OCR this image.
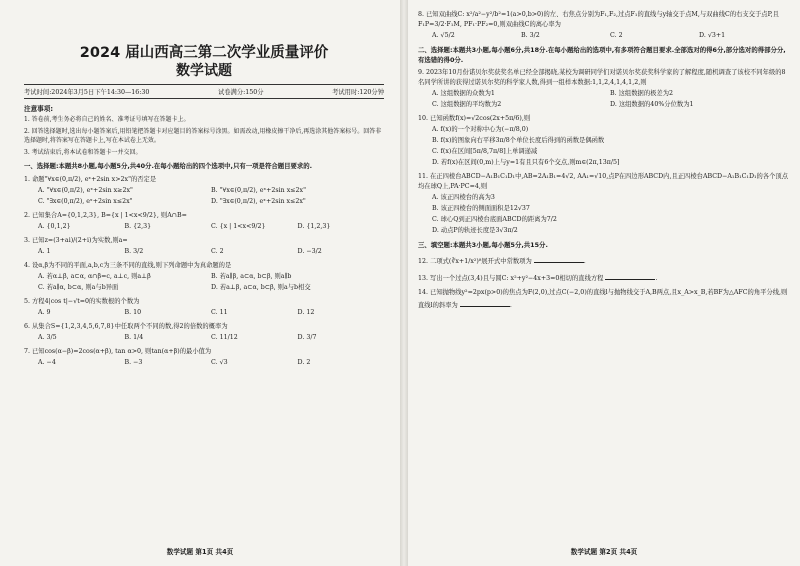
2024 届山西高三第二次学业质量评价
数学试题
考试时间:2024年3月5日下午14:30—16:30	试卷满分:150分	考试用时:120分钟
注意事项:
1. 答卷前,考生务必将自己的姓名、准考证号填写在答题卡上。
2. 回答选择题时,选出每小题答案后,用铅笔把答题卡对应题目的答案标号涂黑。如需改动,用橡皮擦干净后,再选涂其他答案标号。回答非选择题时,将答案写在答题卡上,写在本试卷上无效。
3. 考试结束后,将本试卷和答题卡一并交回。
一、选择题:本题共8小题,每小题5分,共40分.在每小题给出的四个选项中,只有一项是符合题目要求的.
1. 命题"∀x∈(0,π/2), eˣ+2sin x>2x"的否定是
A. "∀x∈(0,π/2), eˣ+2sin x≥2x"	B. "∀x∈(0,π/2), eˣ+2sin x≤2x"
C. "∃x∈(0,π/2), eˣ+2sin x≤2x"	D. "∃x∈(0,π/2), eˣ+2sin x≤2x"
2. 已知集合A={0,1,2,3}, B={x | 1<x<9/2}, 则A∩B=
A. {0,1,2}	B. {2,3}	C. {x | 1<x<9/2}	D. {1,2,3}
3. 已知z=(3+ai)/(2+i)为实数,则a=
A. 1	B. 3/2	C. 2	D. −3/2
4. 设α,β为不同的平面,a,b,c为三条不同的直线,则下列命题中为真命题的是
A. 若α⊥β, a⊂α, α∩β=c, a⊥c, 则a⊥β	B. 若a∥β, a⊂α, b⊂β, 则a∥b
C. 若a∥α, b⊂α, 则a与b异面	D. 若a⊥β, a⊂α, b⊂β, 则a与b相交
5. 方程4|cos t|−√t=0的实数根的个数为
A. 9	B. 10	C. 11	D. 12
6. 从集合S={1,2,3,4,5,6,7,8}中任取两个不同的数,得2的倍数的概率为
A. 3/5	B. 1/4	C. 11/12	D. 3/7
7. 已知cos(α−β)=2cos(α+β), tan α>0, 则tan(α+β)的最小值为
A. −4	B. −3	C. √3	D. 2
数学试题 第1页 共4页
8. 已知双曲线C: x²/a²−y²/b²=1(a>0,b>0)的左、右焦点分别为F₁,F₂,过点F₁的直线与y轴交于点M,与双曲线C的右支交于点P,且F₁P=3/2·F₁M, PF₁·PF₂=0,则双曲线C的离心率为
A. √5/2	B. 3/2	C. 2	D. √3+1
二、选择题:本题共3小题,每小题6分,共18分.在每小题给出的选项中,有多项符合题目要求.全部选对的得6分,部分选对的得部分分,有选错的得0分.
9. 2023年10月份诺贝尔奖获奖名单已经全部揭晓,某校为调研同学们对诺贝尔奖获奖科学家的了解程度,随机调查了该校不同年级的8名同学所讲的获得过诺贝尔奖的科学家人数,得到一组样本数据:1,1,2,4,1,4,1,2,则
A. 这组数据的众数为1	B. 这组数据的极差为2
C. 这组数据的平均数为2	D. 这组数据的40%分位数为1
10. 已知函数f(x)=√2cos(2x+5π/6),则
A. f(x)的一个对称中心为(−π/8,0)
B. f(x)的图象向右平移3π/8个单位长度后得到的函数是偶函数
C. f(x)在区间[5π/8,7π/8]上单调递减
D. 若f(x)在区间(0,m)上与y=1有且只有6个交点,则m∈(2π,13π/5]
11. 在正四棱台ABCD−A₁B₁C₁D₁中,AB=2A₁B₁=4√2, AA₁=√10,点P在四边形ABCD内,且正四棱台ABCD−A₁B₁C₁D₁的各个顶点均在球Q上,PA·PC=4,则
A. 该正四棱台的高为3
B. 该正四棱台的侧面面积是12√37
C. 球心Q到正四棱台底面ABCD的距离为7/2
D. 动点P的轨迹长度是3√3π/2
三、填空题:本题共3小题,每小题5分,共15分.
12. 二项式(∛x+1/x²)⁸展开式中常数项为	.
13. 写出一个过点(3,4)且与圆C: x²+y²−4x+3=0相切的直线方程	.
14. 已知抛物线y²=2px(p>0)的焦点为F(2,0),过点C(−2,0)的直线l与抛物线交于A,B两点,且x_A>x_B,若BF为△AFC的角平分线,则直线l的斜率为	.
数学试题 第2页 共4页
